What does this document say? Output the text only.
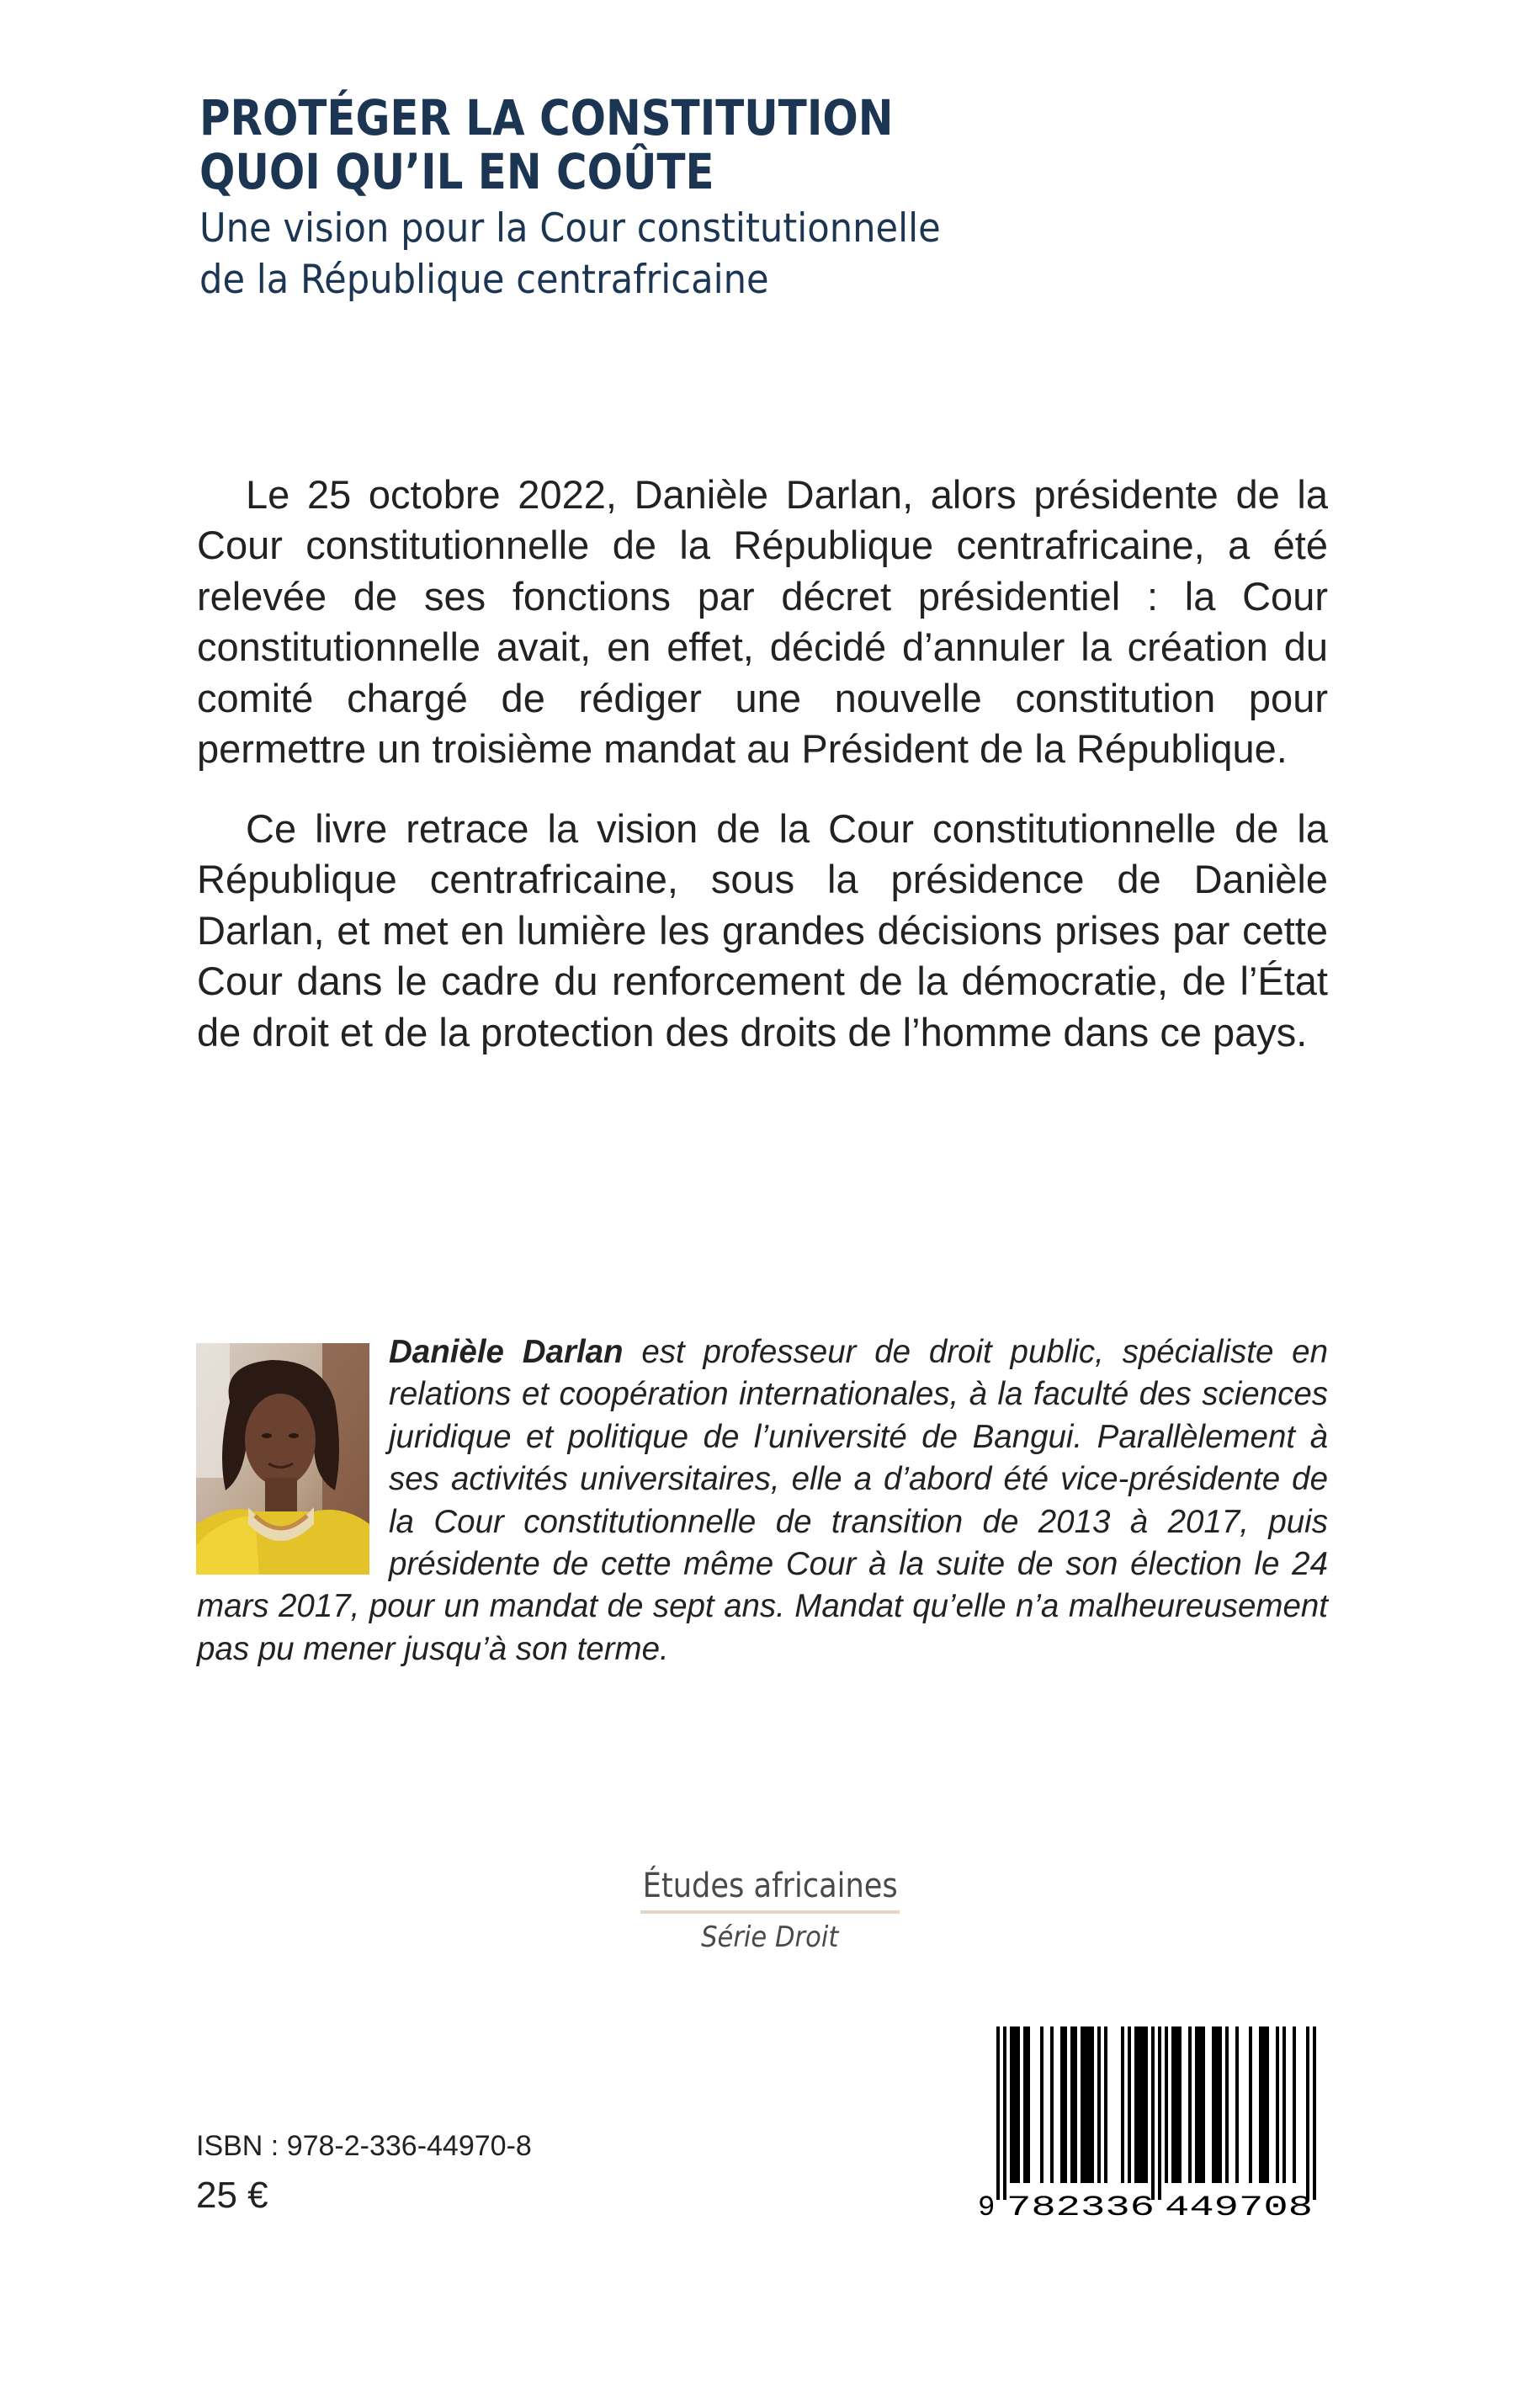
PROTÉGER LA CONSTITUTION
QUOI QU’IL EN COÛTE
Une vision pour la Cour constitutionnelle
de la République centrafricaine

Le 25 octobre 2022, Danièle Darlan, alors présidente de la Cour constitutionnelle de la République centrafricaine, a été relevée de ses fonctions par décret présidentiel : la Cour constitutionnelle avait, en effet, décidé d’annuler la création du comité chargé de rédiger une nouvelle constitution pour permettre un troisième mandat au Président de la République.

Ce livre retrace la vision de la Cour constitutionnelle de la République centrafricaine, sous la présidence de Danièle Darlan, et met en lumière les grandes décisions prises par cette Cour dans le cadre du renforcement de la démocratie, de l’État de droit et de la protection des droits de l’homme dans ce pays.

Danièle Darlan est professeur de droit public, spécialiste en relations et coopération internationales, à la faculté des sciences juridique et politique de l’université de Bangui. Parallèlement à ses activités universitaires, elle a d’abord été vice-présidente de la Cour constitutionnelle de transition de 2013 à 2017, puis présidente de cette même Cour à la suite de son élection le 24 mars 2017, pour un mandat de sept ans. Mandat qu’elle n’a malheureusement pas pu mener jusqu’à son terme.

Études africaines
Série Droit
ISBN : 978-2-336-44970-8
25 €	9 782336 449708
